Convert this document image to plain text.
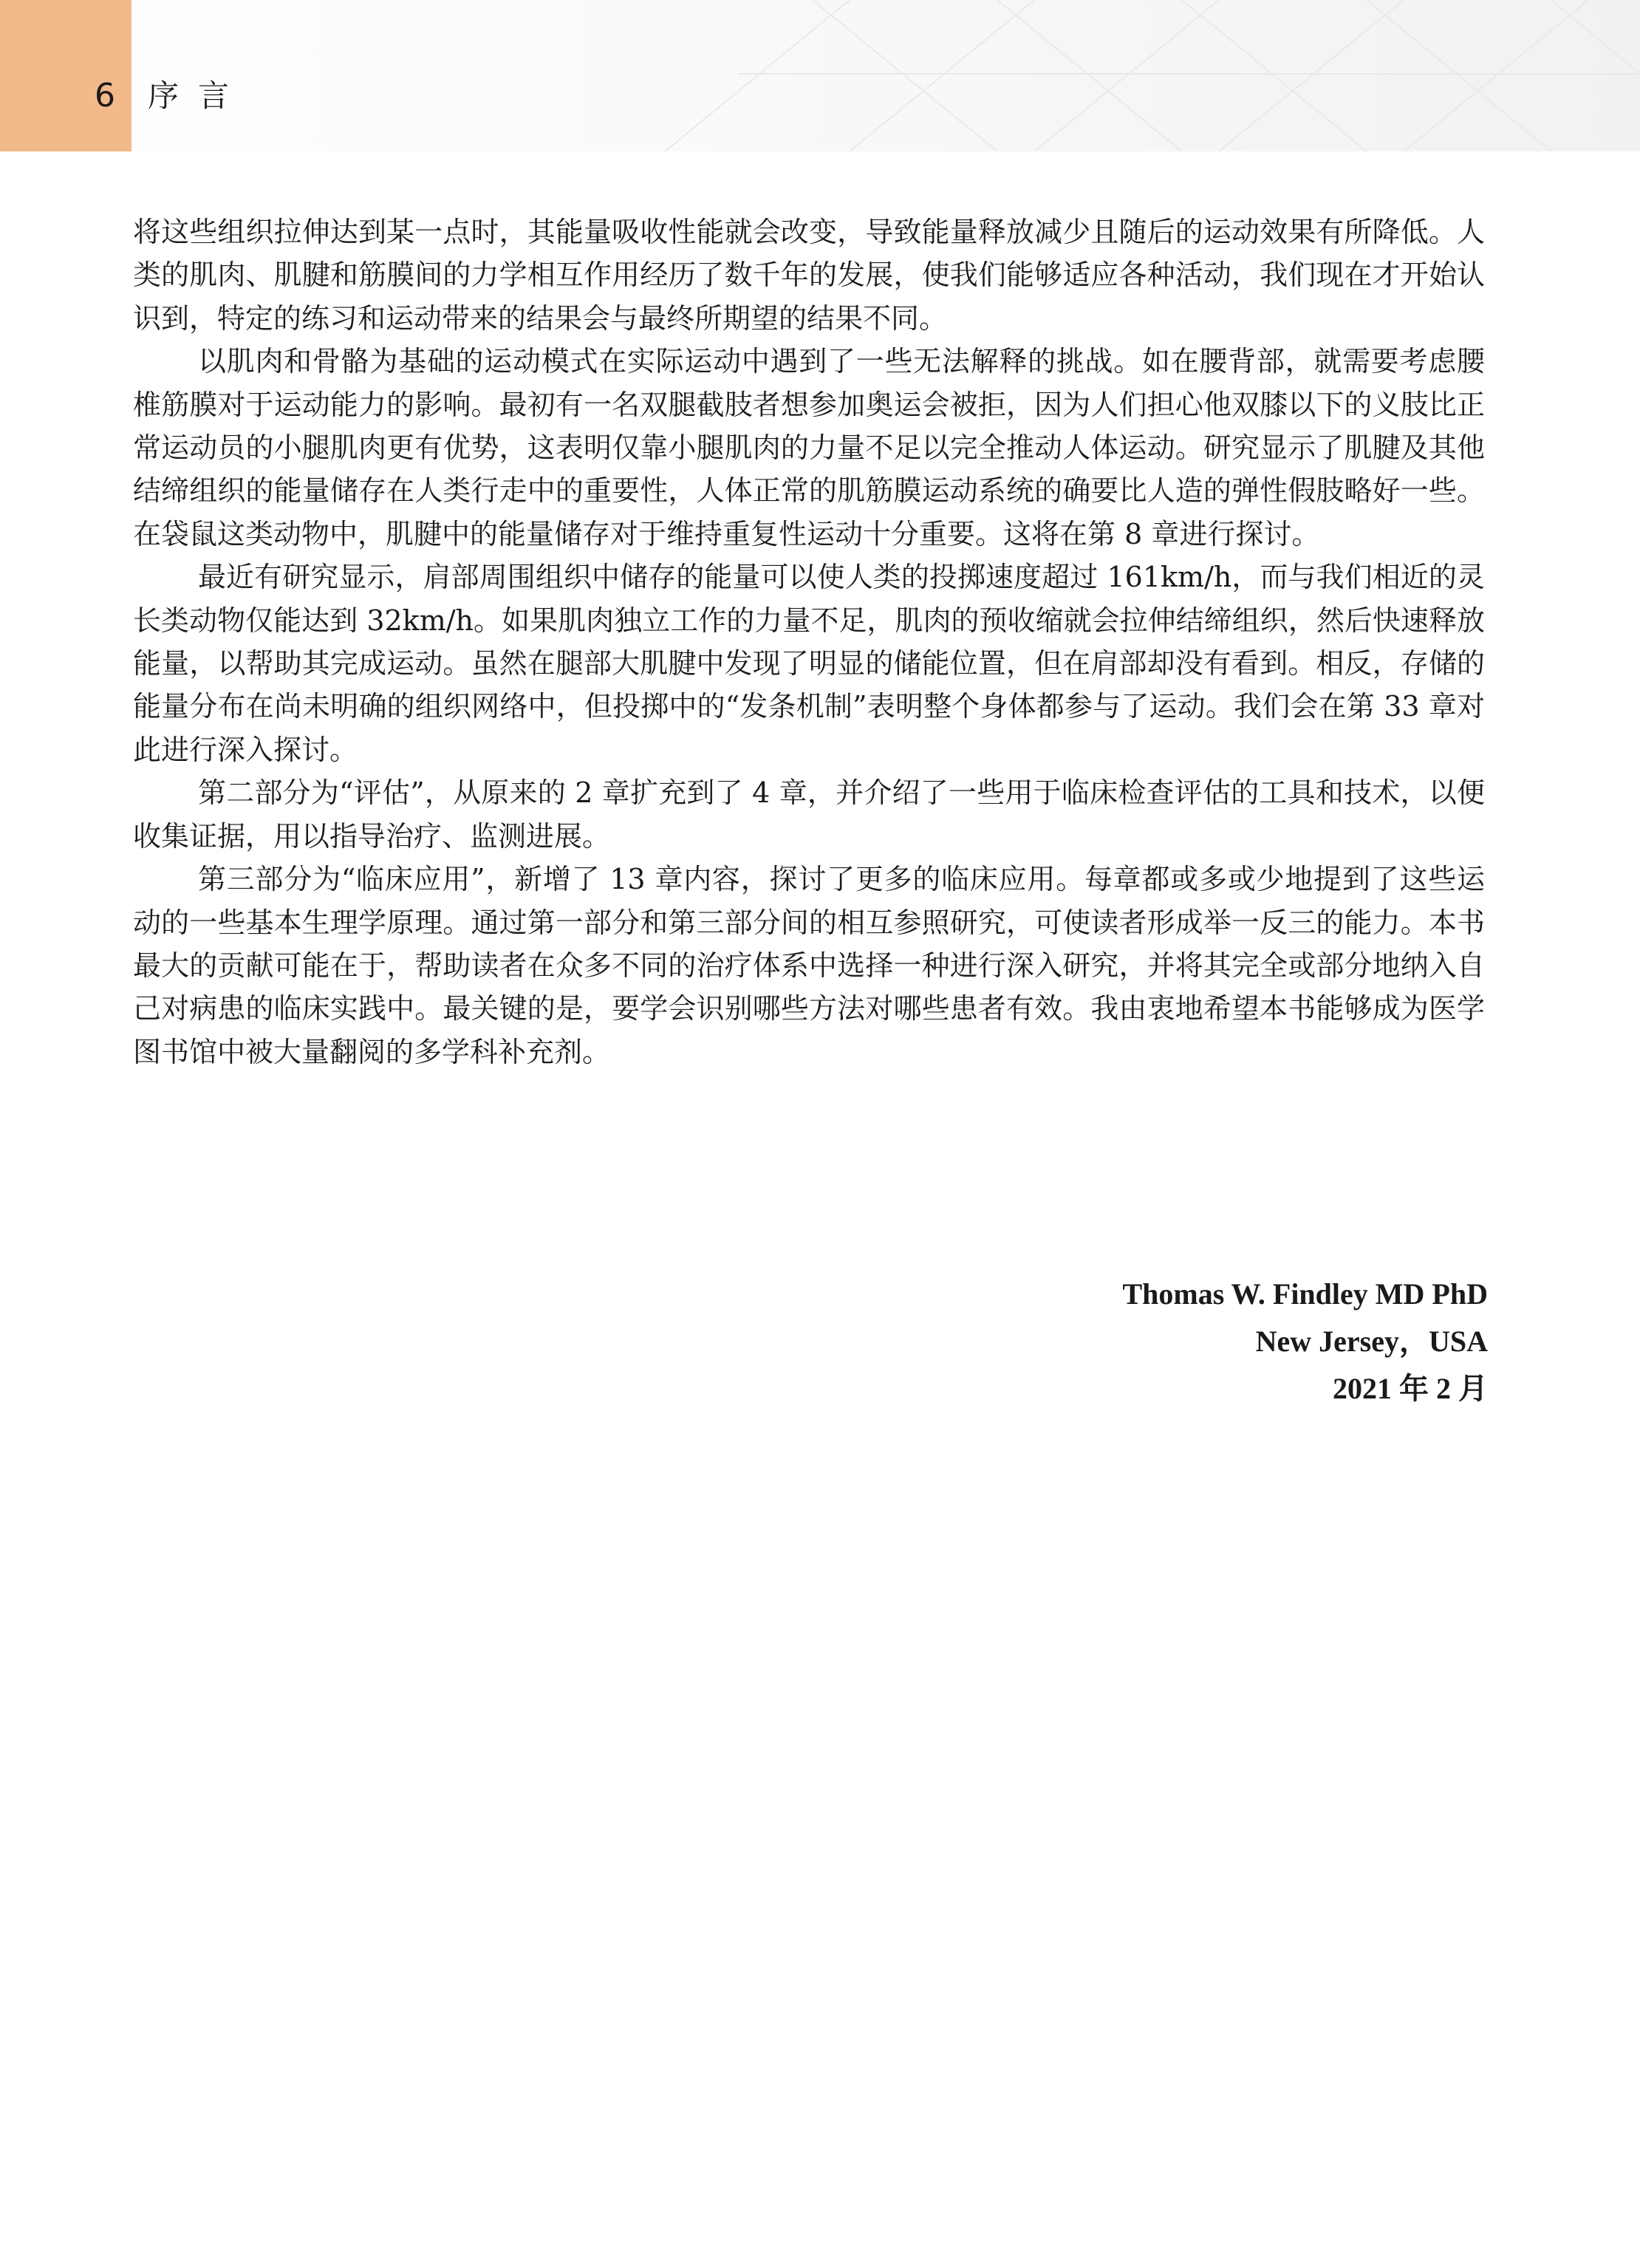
6 序言

将这些组织拉伸达到某一点时，其能量吸收性能就会改变，导致能量释放减少且随后的运动效果有所降低。人类的肌肉、肌腱和筋膜间的力学相互作用经历了数千年的发展，使我们能够适应各种活动，我们现在才开始认识到，特定的练习和运动带来的结果会与最终所期望的结果不同。

以肌肉和骨骼为基础的运动模式在实际运动中遇到了一些无法解释的挑战。如在腰背部，就需要考虑腰椎筋膜对于运动能力的影响。最初有一名双腿截肢者想参加奥运会被拒，因为人们担心他双膝以下的义肢比正常运动员的小腿肌肉更有优势，这表明仅靠小腿肌肉的力量不足以完全推动人体运动。研究显示了肌腱及其他结缔组织的能量储存在人类行走中的重要性，人体正常的肌筋膜运动系统的确要比人造的弹性假肢略好一些。在袋鼠这类动物中，肌腱中的能量储存对于维持重复性运动十分重要。这将在第 8 章进行探讨。

最近有研究显示，肩部周围组织中储存的能量可以使人类的投掷速度超过 161km/h，而与我们相近的灵长类动物仅能达到 32km/h。如果肌肉独立工作的力量不足，肌肉的预收缩就会拉伸结缔组织，然后快速释放能量，以帮助其完成运动。虽然在腿部大肌腱中发现了明显的储能位置，但在肩部却没有看到。相反，存储的能量分布在尚未明确的组织网络中，但投掷中的“发条机制”表明整个身体都参与了运动。我们会在第 33 章对此进行深入探讨。

第二部分为“评估”，从原来的 2 章扩充到了 4 章，并介绍了一些用于临床检查评估的工具和技术，以便收集证据，用以指导治疗、监测进展。

第三部分为“临床应用”，新增了 13 章内容，探讨了更多的临床应用。每章都或多或少地提到了这些运动的一些基本生理学原理。通过第一部分和第三部分间的相互参照研究，可使读者形成举一反三的能力。本书最大的贡献可能在于，帮助读者在众多不同的治疗体系中选择一种进行深入研究，并将其完全或部分地纳入自己对病患的临床实践中。最关键的是，要学会识别哪些方法对哪些患者有效。我由衷地希望本书能够成为医学图书馆中被大量翻阅的多学科补充剂。

Thomas W. Findley MD PhD
New Jersey，USA
2021 年 2 月
